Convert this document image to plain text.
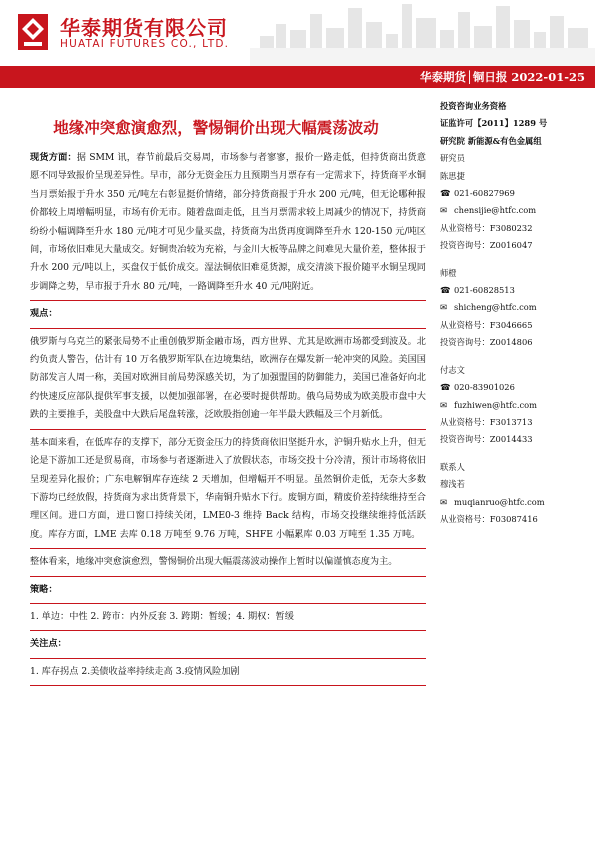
华泰期货有限公司
HUATAI FUTURES CO., LTD.
华泰期货│铜日报 2022-01-25
地缘冲突愈演愈烈，警惕铜价出现大幅震荡波动

现货方面：据 SMM 讯，春节前最后交易周，市场参与者寥寥，报价一路走低，但持货商出货意愿不同导致报价呈现差异性。早市，部分无资金压力且预期当月票存有一定需求下，持货商平水铜当月票始报于升水 350 元/吨左右彰显挺价情绪，部分持货商报于升水 200 元/吨，但无论哪种报价都较上周增幅明显，市场有价无市。随着盘面走低，且当月票需求较上周减少的情况下，持货商纷纷小幅调降至升水 180 元/吨才可见少量买盘，持货商为出货再度调降至升水 120-150 元/吨区间，市场依旧难见大量成交。好铜贵冶较为充裕，与金川大板等品牌之间难见大量价差，整体报于升水 200 元/吨以上，买盘仅于低价成交。湿法铜依旧难觅货源，成交清淡下报价随平水铜呈现同步调降之势，早市报于升水 80 元/吨，一路调降至升水 40 元/吨附近。

观点：

俄罗斯与乌克兰的紧张局势不止重创俄罗斯金融市场，西方世界、尤其是欧洲市场都受到波及。北约负责人警告，估计有 10 万名俄罗斯军队在边境集结，欧洲存在爆发新一轮冲突的风险。美国国防部发言人周一称，美国对欧洲目前局势深感关切，为了加强盟国的防御能力，美国已准备好向北约快速反应部队提供军事支援，以便加强部署，在必要时提供帮助。俄乌局势成为欧美股市盘中大跌的主要推手，美股盘中大跌后尾盘转涨，泛欧股指创逾一年半最大跌幅及三个月新低。

基本面来看，在低库存的支撑下，部分无资金压力的持货商依旧坚挺升水，沪铜升贴水上升，但无论是下游加工还是贸易商，市场参与者逐渐进入了放假状态，市场交投十分冷清，预计市场将依旧呈现差异化报价；广东电解铜库存连续 2 天增加，但增幅开不明显。虽然铜价走低，无奈大多数下游均已经放假，持货商为求出货背景下，华南铜升贴水下行。废铜方面，精废价差持续维持至合理区间。进口方面，进口窗口持续关闭，LME0-3 维持 Back 结构，市场交投继续维持低活跃度。库存方面，LME 去库 0.18 万吨至 9.76 万吨，SHFE 小幅累库 0.03 万吨至 1.35 万吨。

整体看来，地缘冲突愈演愈烈，警惕铜价出现大幅震荡波动操作上暂时以偏谨慎态度为主。

策略：

1. 单边：中性 2. 跨市：内外反套 3. 跨期：暂缓；4. 期权：暂缓

关注点：

1. 库存拐点 2.美债收益率持续走高 3.疫情风险加剧

投资咨询业务资格
证监许可【2011】1289 号
研究院 新能源&有色金属组
研究员
陈思捷
☎ 021-60827969
✉ chensijie@htfc.com
从业资格号：F3080232
投资咨询号：Z0016047
师橙
☎ 021-60828513
✉ shicheng@htfc.com
从业资格号：F3046665
投资咨询号：Z0014806
付志文
☎ 020-83901026
✉ fuzhiwen@htfc.com
从业资格号：F3013713
投资咨询号：Z0014433
联系人
穆浅若
✉ muqianruo@htfc.com
从业资格号：F03087416
